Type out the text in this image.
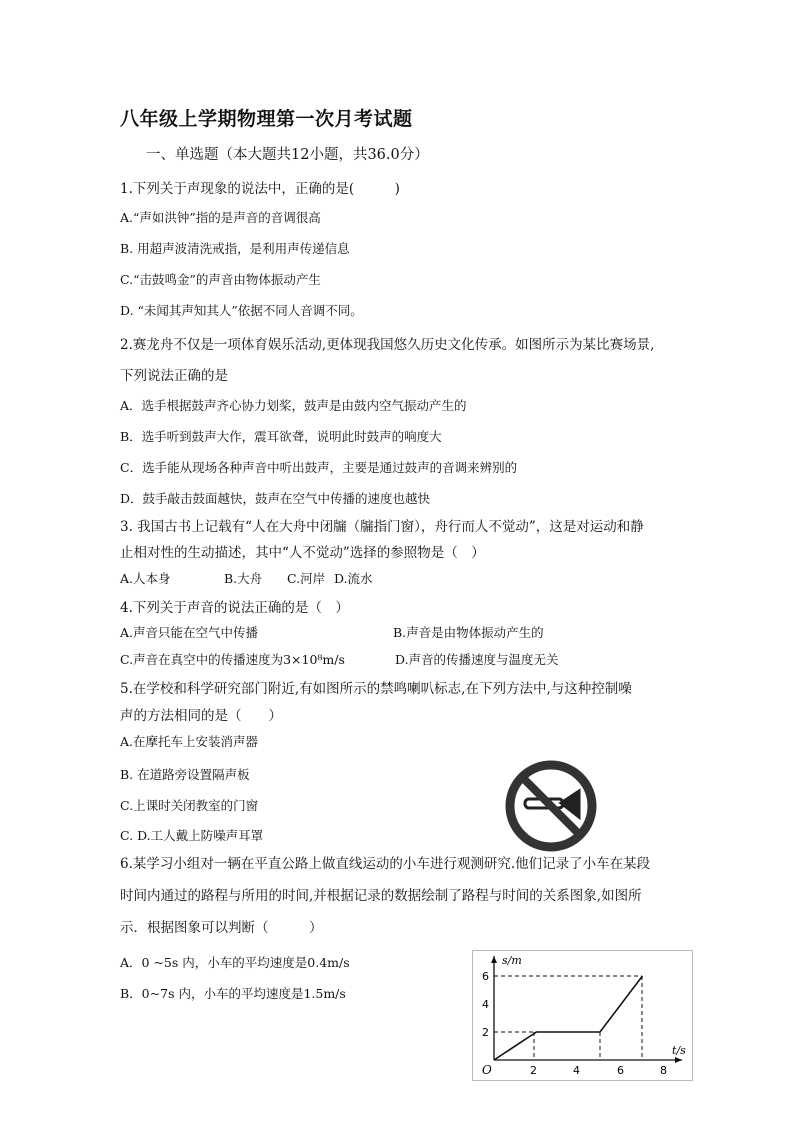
八年级上学期物理第一次月考试题
一、单选题（本大题共12小题，共36.0分）
1.下列关于声现象的说法中，正确的是(　　　)
A.“声如洪钟”指的是声音的音调很高
B. 用超声波清洗戒指，是利用声传递信息
C.“击鼓鸣金”的声音由物体振动产生
D. “未闻其声知其人”依据不同人音调不同。
2.赛龙舟不仅是一项体育娱乐活动,更体现我国悠久历史文化传承。如图所示为某比赛场景,
下列说法正确的是
A．选手根据鼓声齐心协力划桨，鼓声是由鼓内空气振动产生的
B．选手听到鼓声大作，震耳欲聋，说明此时鼓声的响度大
C．选手能从现场各种声音中听出鼓声，主要是通过鼓声的音调来辨别的
D．鼓手敲击鼓面越快，鼓声在空气中传播的速度也越快
3. 我国古书上记载有“人在大舟中闭牖（牖指门窗），舟行而人不觉动”，这是对运动和静
止相对性的生动描述，其中“人不觉动”选择的参照物是（　）
A.人本身	B.大舟 C.河岸 D.流水
4.下列关于声音的说法正确的是（　）
A.声音只能在空气中传播	B.声音是由物体振动产生的
C.声音在真空中的传播速度为3×10⁸m/s	D.声音的传播速度与温度无关
5.在学校和科学研究部门附近,有如图所示的禁鸣喇叭标志,在下列方法中,与这种控制噪
声的方法相同的是（　　）
A.在摩托车上安装消声器
B. 在道路旁设置隔声板
C.上课时关闭教室的门窗
C. D.工人戴上防噪声耳罩
6.某学习小组对一辆在平直公路上做直线运动的小车进行观测研究.他们记录了小车在某段
时间内通过的路程与所用的时间,并根据记录的数据绘制了路程与时间的关系图象,如图所
示．根据图象可以判断（　　　）
A．0 ~5s 内，小车的平均速度是0.4m/s
B．0~7s 内，小车的平均速度是1.5m/s
s/m
t/s
O
6
4
2
2	4	6	8
